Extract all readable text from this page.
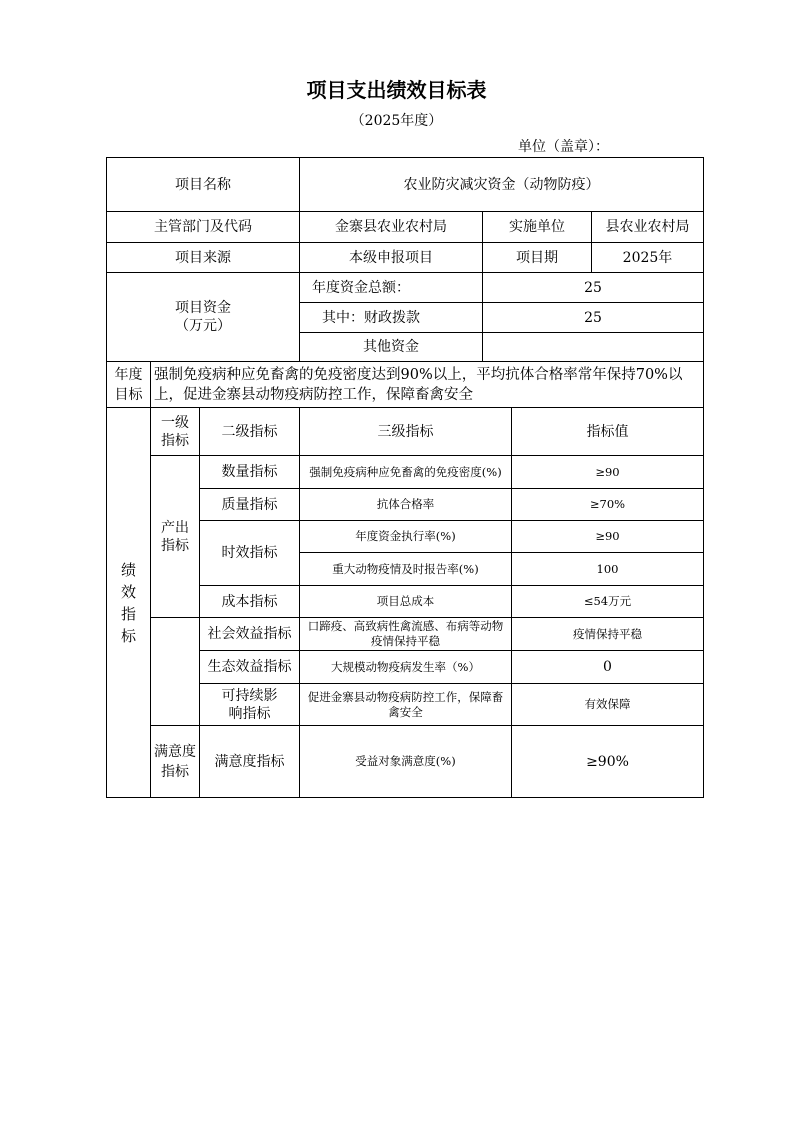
项目支出绩效目标表
（2025年度）
单位（盖章）：
项目名称			农业防灾减灾资金（动物防疫）			
主管部门及代码			金寨县农业农村局	实施单位		县农业农村局
项目来源			本级申报项目	项目期		2025年

项目资金
（万元）			年度资金总额：	25		
			其中：财政拨款	25		
			其他资金			

年度
目标	强制免疫病种应免畜禽的免疫密度达到90%以上，平均抗体合格率常年保持70%以上，促进金寨县动物疫病防控工作，保障畜禽安全					

绩效指标	一级指标	二级指标	三级指标		指标值	

	产出指标	数量指标	强制免疫病种应免畜禽的免疫密度(%)		≥90	
		质量指标	抗体合格率		≥70%	
		时效指标	年度资金执行率(%)		≥90	
			重大动物疫情及时报告率(%)		100	
		成本指标	项目总成本		≤54万元	
		社会效益指标	口蹄疫、高致病性禽流感、布病等动物疫情保持平稳		疫情保持平稳	
		生态效益指标	大规模动物疫病发生率（%）		0	

		可持续影响指标	促进金寨县动物疫病防控工作，保障畜禽安全		有效保障	

	满意度指标	满意度指标	受益对象满意度(%)		≥90%	
